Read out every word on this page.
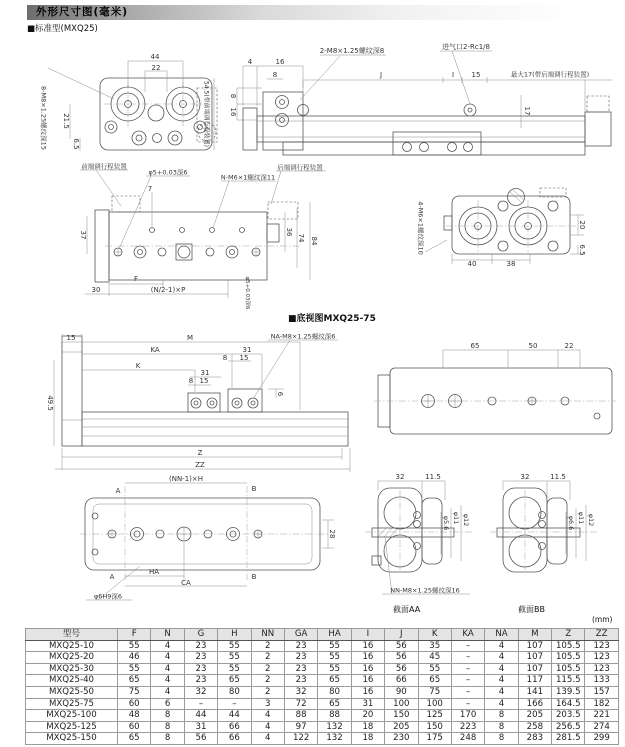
外形尺寸图(毫米)
■标准型(MXQ25)
44
22
21.5
6.5
8-M8×1.25螺纹深15	54.5(带前端调行程装置)
2-M8×1.25螺纹深8	进气口2-Rc1/8
最大17(带后端调行程装置)
4	16
8	J	I	15
8
16	17
前端调行程装置
φ5+0.03深6
N-M6×1螺纹深11
后端调行程装置
7
37	36
74 84
F
(N/2-1)×P
30	φ5+0.03深6
4-M6×1螺纹深10
40	38
20
6.5
65	50	22
15	M
KA	31
K
8 15
31
8 15
6
NA-M8×1.25螺纹深6
49.5
Z
ZZ
(NN-1)×H
A	B
A	B
HA
CA
28
φ6H9深6
32	11.5	32	11.5
φ5.6 φ11 φ12	φ6.6 φ11 φ12
NN-M8×1.25螺纹深16
■底视图MXQ25-75
截面AA	截面BB
(mm)
型号	F	N	G	H	NN	GA	HA	I	J	K	KA	NA	M	Z	ZZ
MXQ25-10	55	4	23	55	2	23	55	16	56	35	–	4	107	105.5	123
MXQ25-20	46	4	23	55	2	23	55	16	56	45	–	4	107	105.5	123
MXQ25-30	55	4	23	55	2	23	55	16	56	55	–	4	107	105.5	123
MXQ25-40	65	4	23	65	2	23	65	16	66	65	–	4	117	115.5	133
MXQ25-50	75	4	32	80	2	32	80	16	90	75	–	4	141	139.5	157
MXQ25-75	60	6	–	–	3	72	65	31	100	100	–	4	166	164.5	182
MXQ25-100	48	8	44	44	4	88	88	20	150	125	170	8	205	203.5	221
MXQ25-125	60	8	31	66	4	97	132	18	205	150	223	8	258	256.5	274
MXQ25-150	65	8	56	66	4	122	132	18	230	175	248	8	283	281.5	299
